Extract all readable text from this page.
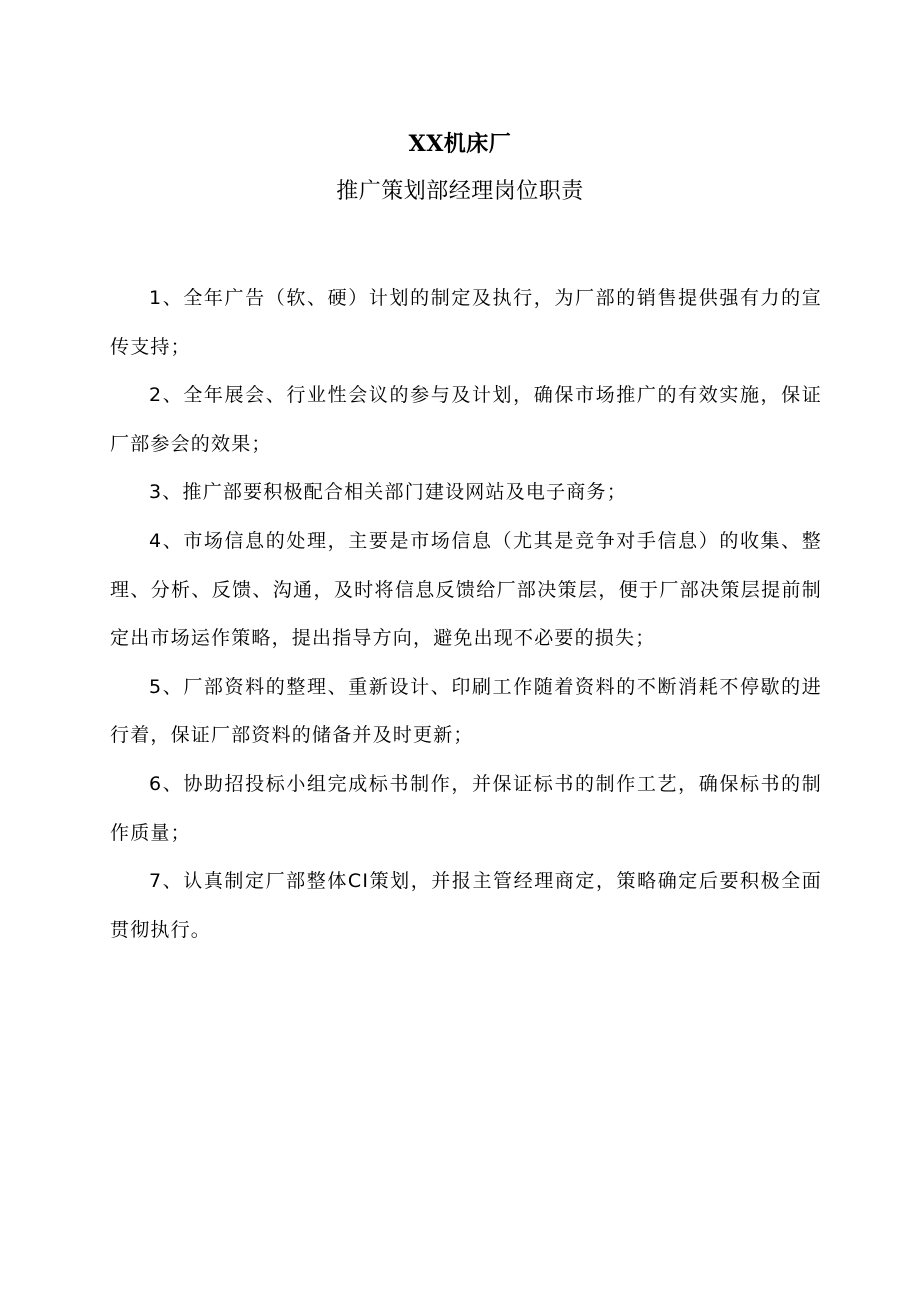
XX机床厂
推广策划部经理岗位职责
1、全年广告（软、硬）计划的制定及执行，为厂部的销售提供强有力的宣传支持；
2、全年展会、行业性会议的参与及计划，确保市场推广的有效实施，保证厂部参会的效果；
3、推广部要积极配合相关部门建设网站及电子商务；
4、市场信息的处理，主要是市场信息（尤其是竞争对手信息）的收集、整理、分析、反馈、沟通，及时将信息反馈给厂部决策层，便于厂部决策层提前制定出市场运作策略，提出指导方向，避免出现不必要的损失；
5、厂部资料的整理、重新设计、印刷工作随着资料的不断消耗不停歇的进行着，保证厂部资料的储备并及时更新；
6、协助招投标小组完成标书制作，并保证标书的制作工艺，确保标书的制作质量；
7、认真制定厂部整体CI策划，并报主管经理商定，策略确定后要积极全面贯彻执行。
